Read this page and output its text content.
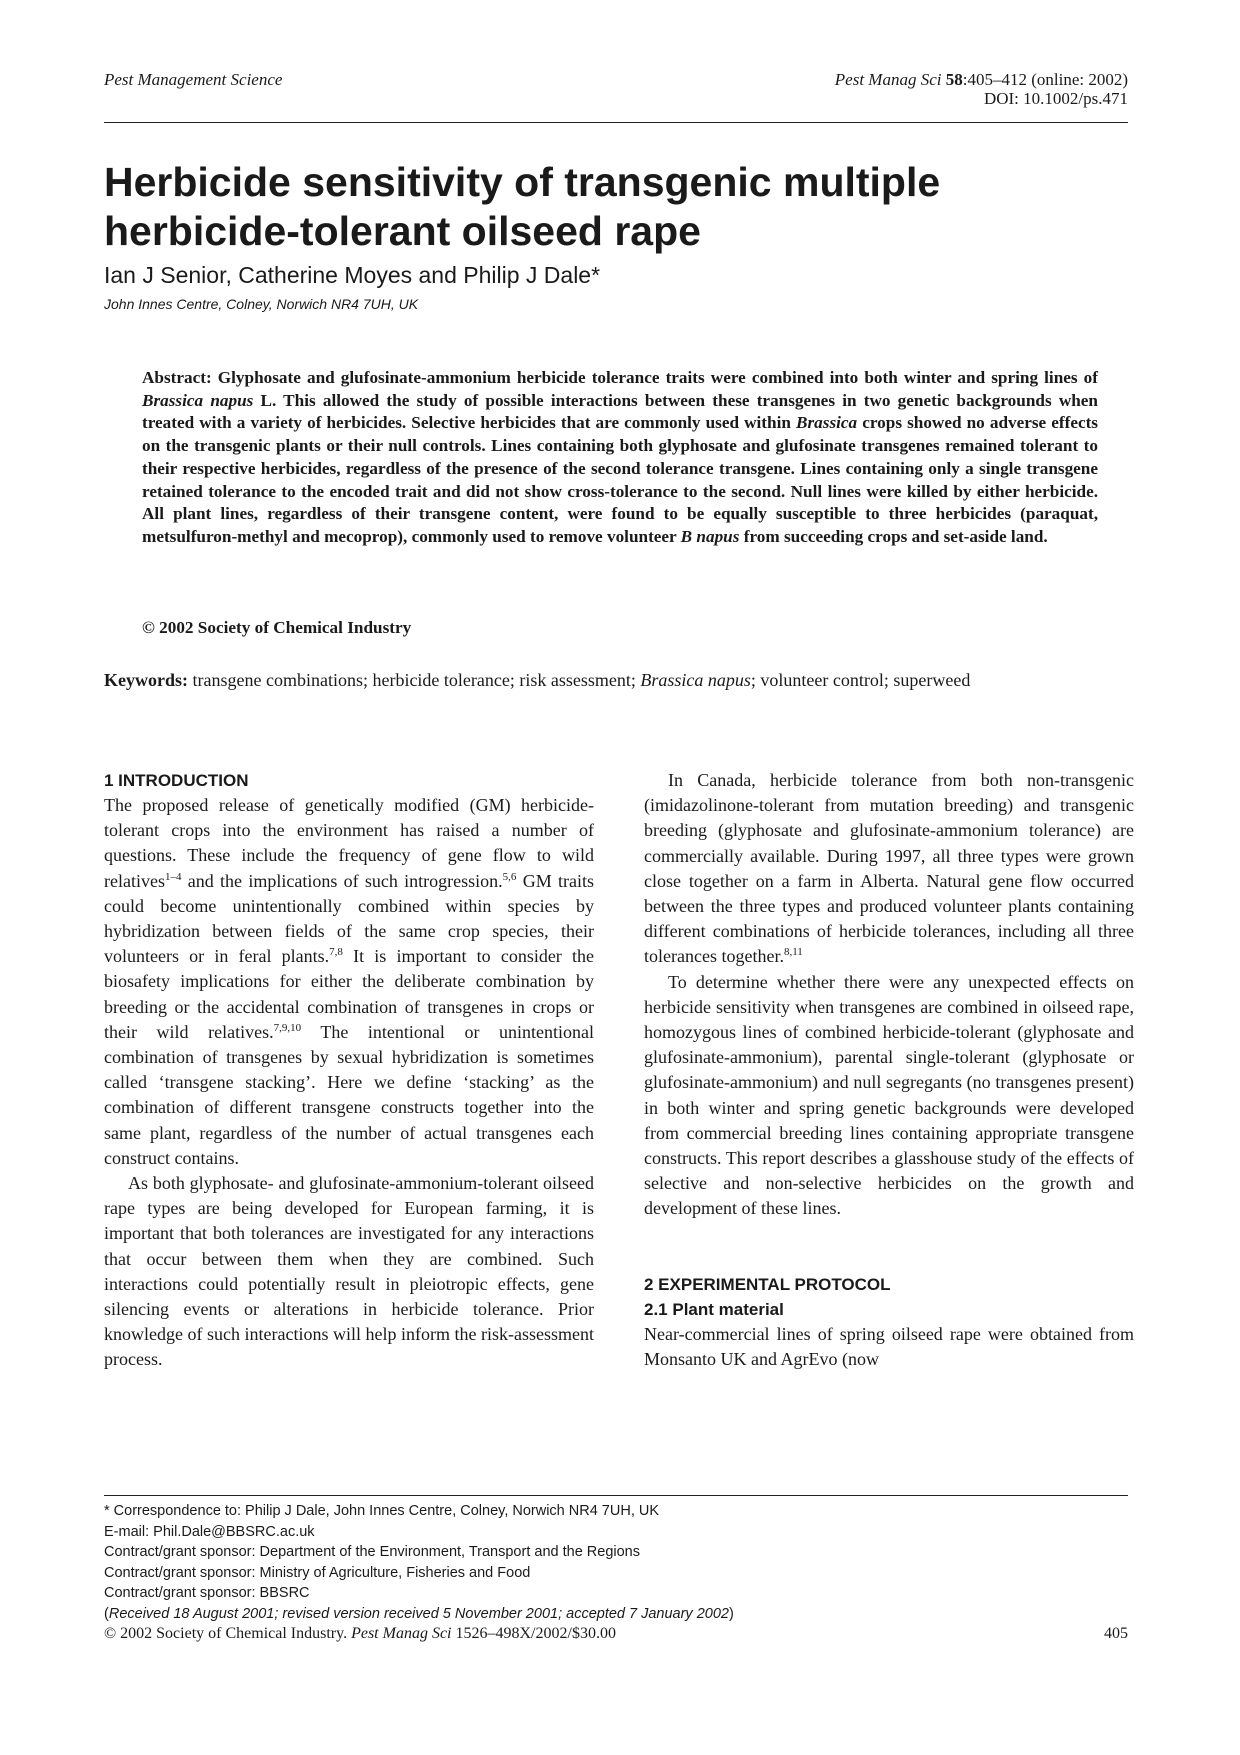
Pest Management Science	Pest Manag Sci 58:405–412 (online: 2002)
DOI: 10.1002/ps.471
Herbicide sensitivity of transgenic multiple herbicide-tolerant oilseed rape
Ian J Senior, Catherine Moyes and Philip J Dale*
John Innes Centre, Colney, Norwich NR4 7UH, UK
Abstract: Glyphosate and glufosinate-ammonium herbicide tolerance traits were combined into both winter and spring lines of Brassica napus L. This allowed the study of possible interactions between these transgenes in two genetic backgrounds when treated with a variety of herbicides. Selective herbicides that are commonly used within Brassica crops showed no adverse effects on the transgenic plants or their null controls. Lines containing both glyphosate and glufosinate transgenes remained tolerant to their respective herbicides, regardless of the presence of the second tolerance transgene. Lines containing only a single transgene retained tolerance to the encoded trait and did not show cross-tolerance to the second. Null lines were killed by either herbicide. All plant lines, regardless of their transgene content, were found to be equally susceptible to three herbicides (paraquat, metsulfuron-methyl and mecoprop), commonly used to remove volunteer B napus from succeeding crops and set-aside land.
© 2002 Society of Chemical Industry
Keywords: transgene combinations; herbicide tolerance; risk assessment; Brassica napus; volunteer control; superweed
1 INTRODUCTION

The proposed release of genetically modified (GM) herbicide-tolerant crops into the environment has raised a number of questions. These include the frequency of gene flow to wild relatives$^{1-4}$ and the implications of such introgression.$^{5,6}$ GM traits could become unintentionally combined within species by hybridization between fields of the same crop species, their volunteers or in feral plants.$^{7,8}$ It is important to consider the biosafety implications for either the deliberate combination by breeding or the accidental combination of transgenes in crops or their wild relatives.$^{7,9,10}$ The intentional or unintentional combination of transgenes by sexual hybridization is sometimes called ‘transgene stacking’. Here we define ‘stacking’ as the combination of different transgene constructs together into the same plant, regardless of the number of actual transgenes each construct contains.

As both glyphosate- and glufosinate-ammonium-tolerant oilseed rape types are being developed for European farming, it is important that both tolerances are investigated for any interactions that occur between them when they are combined. Such interactions could potentially result in pleiotropic effects, gene silencing events or alterations in herbicide tolerance. Prior knowledge of such interactions will help inform the risk-assessment process.

In Canada, herbicide tolerance from both non-transgenic (imidazolinone-tolerant from mutation breeding) and transgenic breeding (glyphosate and glufosinate-ammonium tolerance) are commercially available. During 1997, all three types were grown close together on a farm in Alberta. Natural gene flow occurred between the three types and produced volunteer plants containing different combinations of herbicide tolerances, including all three tolerances together.$^{8,11}$

To determine whether there were any unexpected effects on herbicide sensitivity when transgenes are combined in oilseed rape, homozygous lines of combined herbicide-tolerant (glyphosate and glufosinate-ammonium), parental single-tolerant (glyphosate or glufosinate-ammonium) and null segregants (no transgenes present) in both winter and spring genetic backgrounds were developed from commercial breeding lines containing appropriate transgene constructs. This report describes a glasshouse study of the effects of selective and non-selective herbicides on the growth and development of these lines.

2 EXPERIMENTAL PROTOCOL
2.1 Plant material

Near-commercial lines of spring oilseed rape were obtained from Monsanto UK and AgrEvo (now

* Correspondence to: Philip J Dale, John Innes Centre, Colney, Norwich NR4 7UH, UK
E-mail: Phil.Dale@BBSRC.ac.uk
Contract/grant sponsor: Department of the Environment, Transport and the Regions
Contract/grant sponsor: Ministry of Agriculture, Fisheries and Food
Contract/grant sponsor: BBSRC
(Received 18 August 2001; revised version received 5 November 2001; accepted 7 January 2002)
© 2002 Society of Chemical Industry. Pest Manag Sci 1526–498X/2002/$30.00	405
